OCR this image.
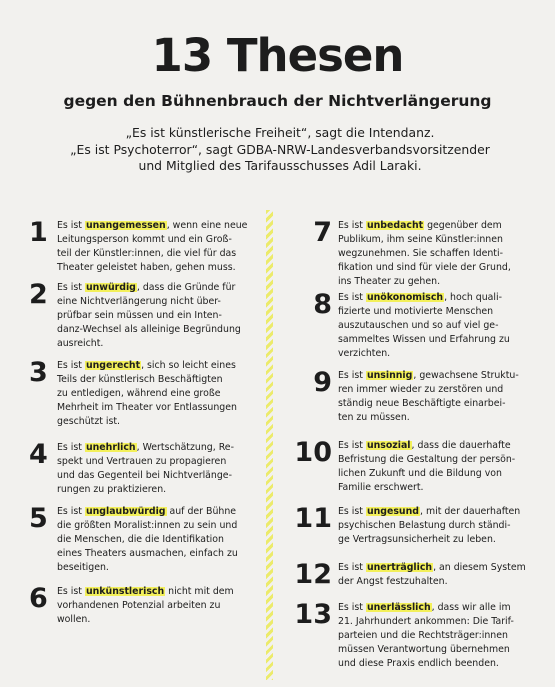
13 Thesen
gegen den Bühnenbrauch der Nichtverlängerung
„Es ist künstlerische Freiheit“, sagt die Intendanz.
„Es ist Psychoterror“, sagt GDBA-NRW-Landesverbandsvorsitzender
und Mitglied des Tarifausschusses Adil Laraki.
1 Es ist unangemessen, wenn eine neue
Leitungsperson kommt und ein Groß-
teil der Künstler:innen, die viel für das
Theater geleistet haben, gehen muss.
2 Es ist unwürdig, dass die Gründe für
eine Nichtverlängerung nicht über-
prüfbar sein müssen und ein Inten-
danz-Wechsel als alleinige Begründung
ausreicht.
3 Es ist ungerecht, sich so leicht eines
Teils der künstlerisch Beschäftigten
zu entledigen, während eine große
Mehrheit im Theater vor Entlassungen
geschützt ist.
4 Es ist unehrlich, Wertschätzung, Re-
spekt und Vertrauen zu propagieren
und das Gegenteil bei Nichtverlänge-
rungen zu praktizieren.
5 Es ist unglaubwürdig auf der Bühne
die größten Moralist:innen zu sein und
die Menschen, die die Identifikation
eines Theaters ausmachen, einfach zu
beseitigen.
6 Es ist unkünstlerisch nicht mit dem
vorhandenen Potenzial arbeiten zu
wollen.
7 Es ist unbedacht gegenüber dem
Publikum, ihm seine Künstler:innen
wegzunehmen. Sie schaffen Identi-
fikation und sind für viele der Grund,
ins Theater zu gehen.
8 Es ist unökonomisch, hoch quali-
fizierte und motivierte Menschen
auszutauschen und so auf viel ge-
sammeltes Wissen und Erfahrung zu
verzichten.
9 Es ist unsinnig, gewachsene Struktu-
ren immer wieder zu zerstören und
ständig neue Beschäftigte einarbei-
ten zu müssen.
10 Es ist unsozial, dass die dauerhafte
Befristung die Gestaltung der persön-
lichen Zukunft und die Bildung von
Familie erschwert.
11 Es ist ungesund, mit der dauerhaften
psychischen Belastung durch ständi-
ge Vertragsunsicherheit zu leben.
12 Es ist unerträglich, an diesem System
der Angst festzuhalten.
13 Es ist unerlässlich, dass wir alle im
21. Jahrhundert ankommen: Die Tarif-
parteien und die Rechtsträger:innen
müssen Verantwortung übernehmen
und diese Praxis endlich beenden.
